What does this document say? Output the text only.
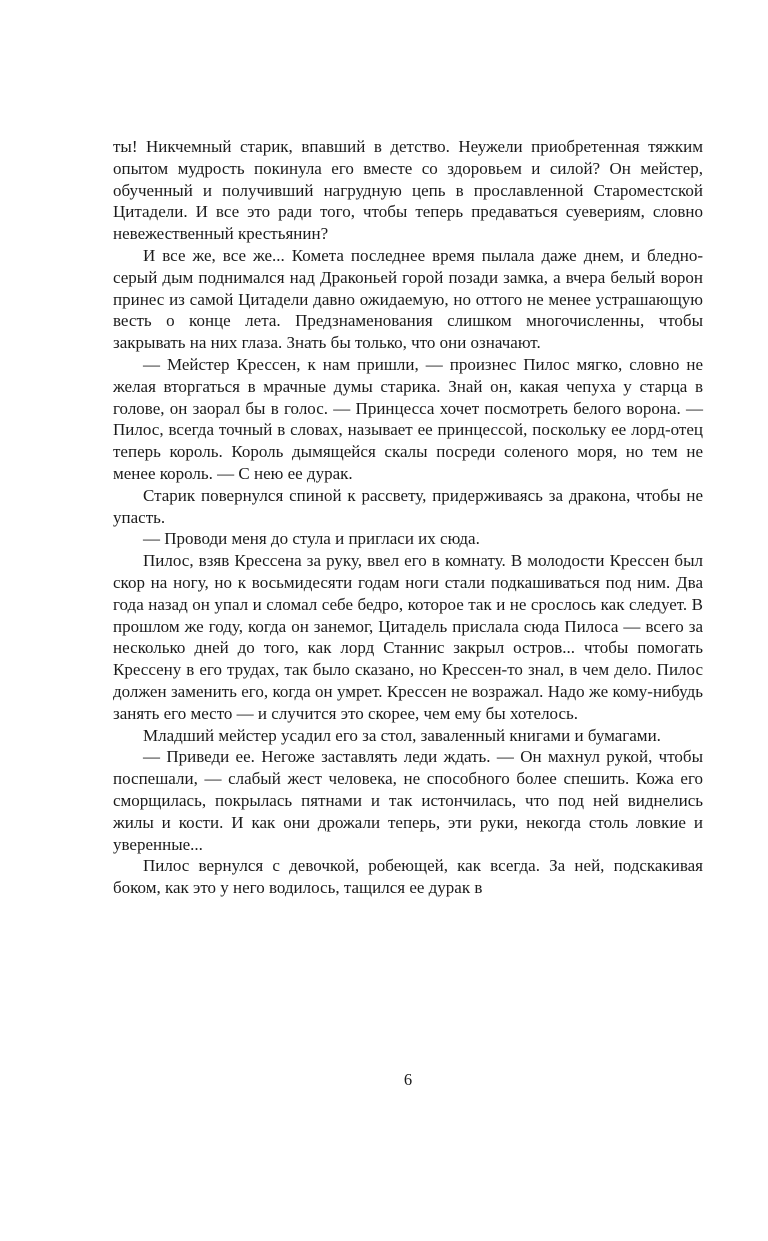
ты! Никчемный старик, впавший в детство. Неужели приобретенная тяжким опытом мудрость покинула его вместе со здоровьем и силой? Он мейстер, обученный и получивший нагрудную цепь в прославленной Староместской Цитадели. И все это ради того, чтобы теперь предаваться суевериям, словно невежественный крестьянин?

И все же, все же... Комета последнее время пылала даже днем, и бледно-серый дым поднимался над Драконьей горой позади замка, а вчера белый ворон принес из самой Цитадели давно ожидаемую, но оттого не менее устрашающую весть о конце лета. Предзнаменования слишком многочисленны, чтобы закрывать на них глаза. Знать бы только, что они означают.

— Мейстер Крессен, к нам пришли, — произнес Пилос мягко, словно не желая вторгаться в мрачные думы старика. Знай он, какая чепуха у старца в голове, он заорал бы в голос. — Принцесса хочет посмотреть белого ворона. — Пилос, всегда точный в словах, называет ее принцессой, поскольку ее лорд-отец теперь король. Король дымящейся скалы посреди соленого моря, но тем не менее король. — С нею ее дурак.

Старик повернулся спиной к рассвету, придерживаясь за дракона, чтобы не упасть.

— Проводи меня до стула и пригласи их сюда.

Пилос, взяв Крессена за руку, ввел его в комнату. В молодости Крессен был скор на ногу, но к восьмидесяти годам ноги стали подкашиваться под ним. Два года назад он упал и сломал себе бедро, которое так и не срослось как следует. В прошлом же году, когда он занемог, Цитадель прислала сюда Пилоса — всего за несколько дней до того, как лорд Станнис закрыл остров... чтобы помогать Крессену в его трудах, так было сказано, но Крессен-то знал, в чем дело. Пилос должен заменить его, когда он умрет. Крессен не возражал. Надо же кому-нибудь занять его место — и случится это скорее, чем ему бы хотелось.

Младший мейстер усадил его за стол, заваленный книгами и бумагами.

— Приведи ее. Негоже заставлять леди ждать. — Он махнул рукой, чтобы поспешали, — слабый жест человека, не способного более спешить. Кожа его сморщилась, покрылась пятнами и так истончилась, что под ней виднелись жилы и кости. И как они дрожали теперь, эти руки, некогда столь ловкие и уверенные...

Пилос вернулся с девочкой, робеющей, как всегда. За ней, подскакивая боком, как это у него водилось, тащился ее дурак в

6
